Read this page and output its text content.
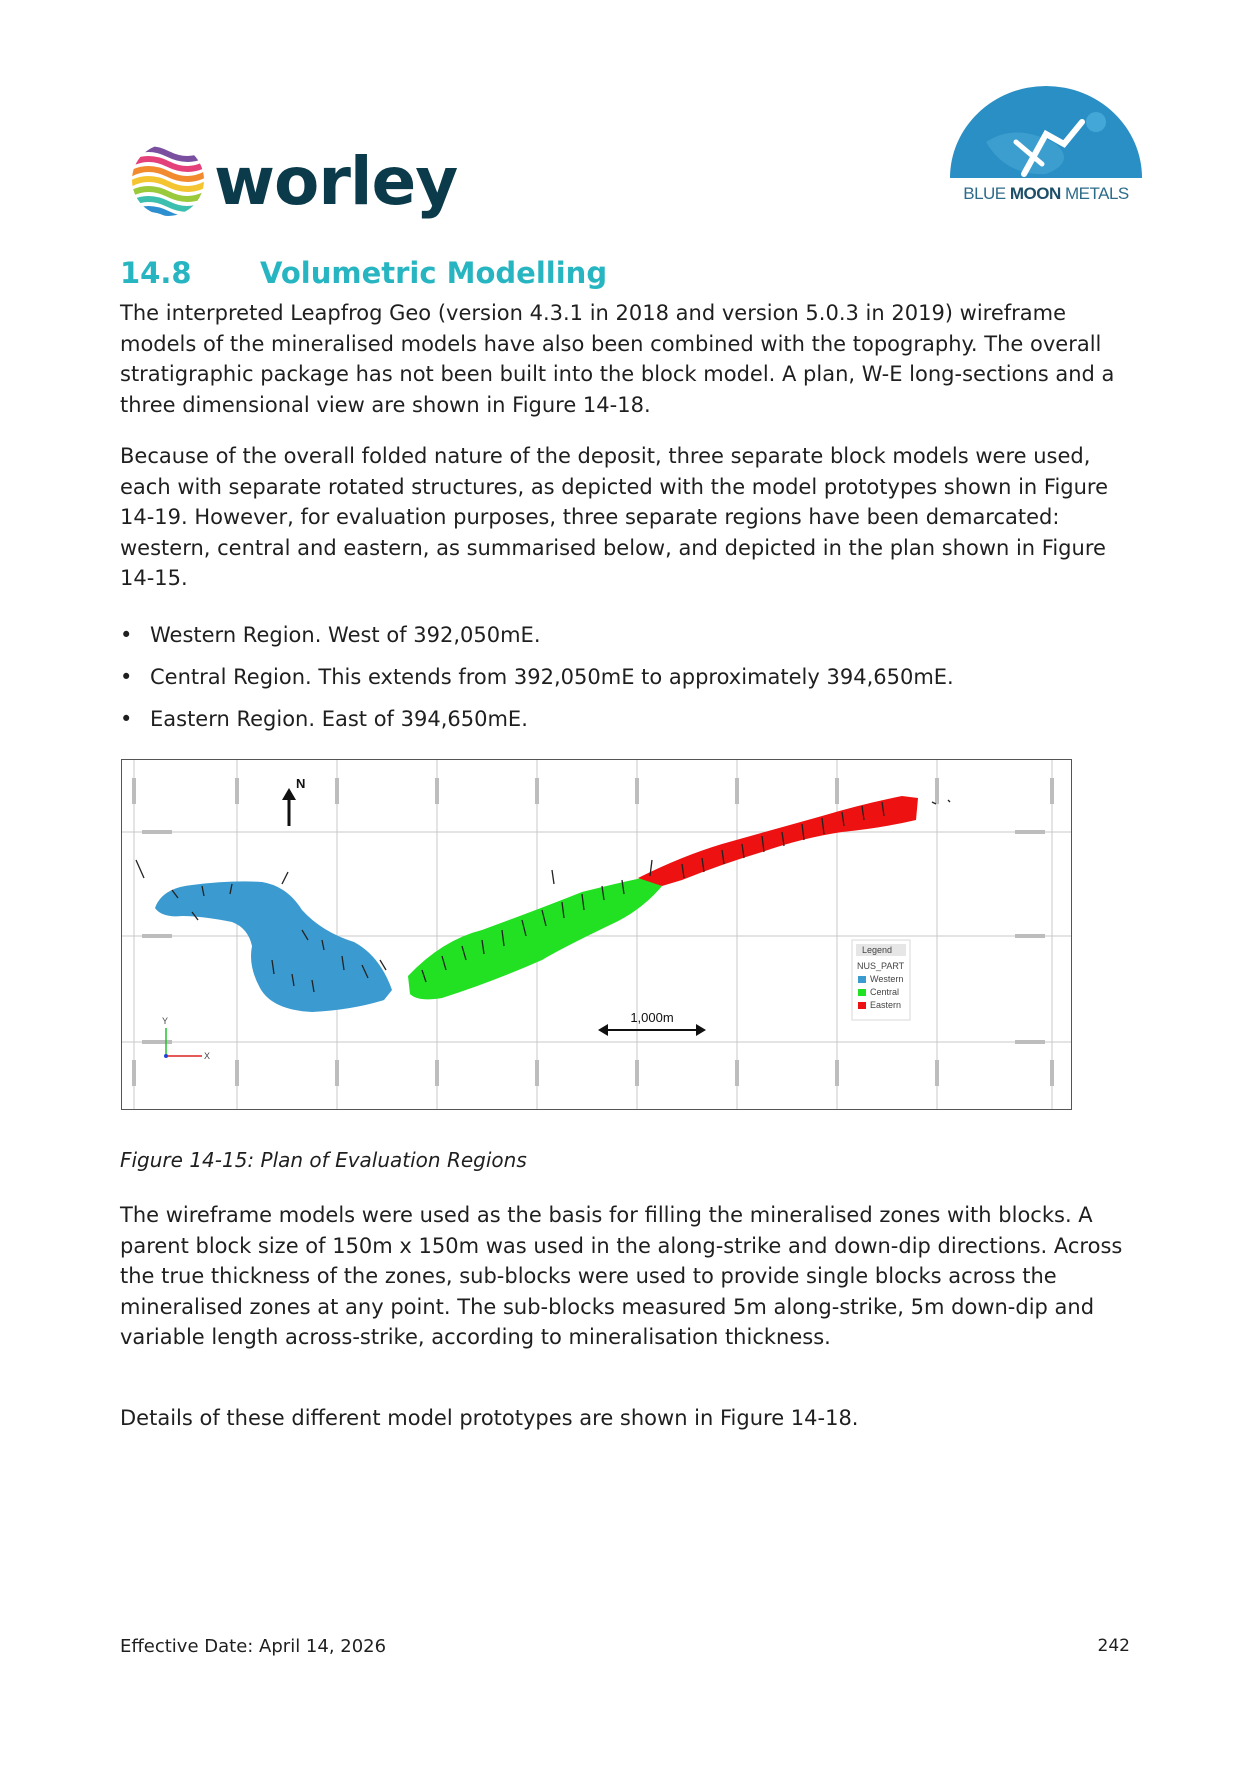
worley	BLUE MOON METALS
14.8 Volumetric Modelling

The interpreted Leapfrog Geo (version 4.3.1 in 2018 and version 5.0.3 in 2019) wireframe models of the mineralised models have also been combined with the topography. The overall stratigraphic package has not been built into the block model. A plan, W-E long-sections and a three dimensional view are shown in Figure 14-18.

Because of the overall folded nature of the deposit, three separate block models were used, each with separate rotated structures, as depicted with the model prototypes shown in Figure 14-19. However, for evaluation purposes, three separate regions have been demarcated: western, central and eastern, as summarised below, and depicted in the plan shown in Figure 14-15.

• Western Region. West of 392,050mE.
• Central Region. This extends from 392,050mE to approximately 394,650mE.
• Eastern Region. East of 394,650mE.
N
Y
X
1,000m
Legend
NUS_PART
Western
Central
Eastern
Figure 14-15: Plan of Evaluation Regions

The wireframe models were used as the basis for filling the mineralised zones with blocks. A parent block size of 150m x 150m was used in the along-strike and down-dip directions. Across the true thickness of the zones, sub-blocks were used to provide single blocks across the mineralised zones at any point. The sub-blocks measured 5m along-strike, 5m down-dip and variable length across-strike, according to mineralisation thickness.

Details of these different model prototypes are shown in Figure 14-18.

Effective Date: April 14, 2026	242
